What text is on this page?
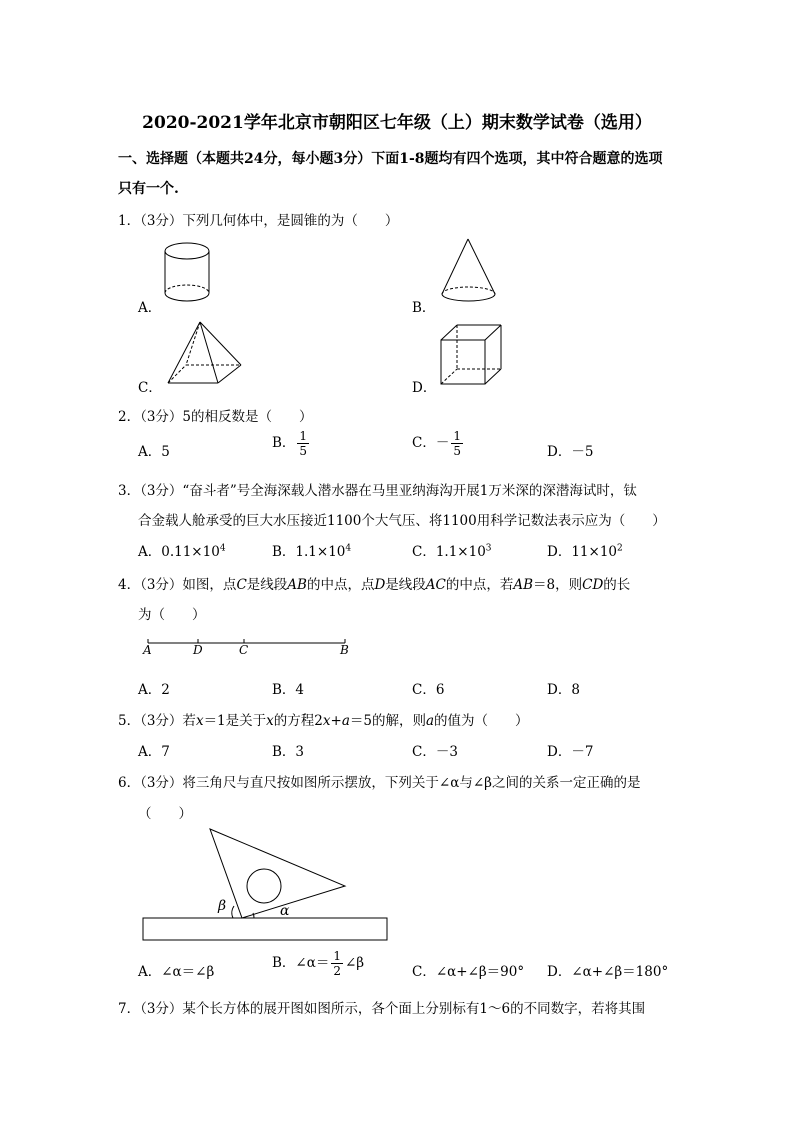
2020-2021学年北京市朝阳区七年级（上）期末数学试卷（选用）
一、选择题（本题共24分，每小题3分）下面1-8题均有四个选项，其中符合题意的选项
只有一个.
1．（3分）下列几何体中，是圆锥的为（　　）
A．	B．
C．	D．
2．（3分）5的相反数是（　　）
A．5
B． $\frac{1}{5}$	C．－ $\frac{1}{5}$	D．－5
3．（3分）“奋斗者”号全海深载人潜水器在马里亚纳海沟开展1万米深的深潜海试时，钛
合金载人舱承受的巨大水压接近1100个大气压、将1100用科学记数法表示应为（　　）
A．$0.11\times 10^4$	B．$1.1\times 10^4$	C．$1.1\times 10^3$	D．$11\times 10^2$
4．（3分）如图，点C是线段AB的中点，点D是线段AC的中点，若AB＝8，则CD的长
为（　　）
A	D	C	B
A．2	B．4	C．6	D．8
5．（3分）若x＝1是关于x的方程2x+a＝5的解，则a的值为（　　）
A．7	B．3	C．－3	D．－7
6．（3分）将三角尺与直尺按如图所示摆放，下列关于∠α与∠β之间的关系一定正确的是
（　　）
β	α
A．∠α＝∠β
B．∠α＝ $\frac{1}{2}$ ∠β
C．∠α+∠β＝90° D．∠α+∠β＝180°
7．（3分）某个长方体的展开图如图所示，各个面上分别标有1～6的不同数字，若将其围
